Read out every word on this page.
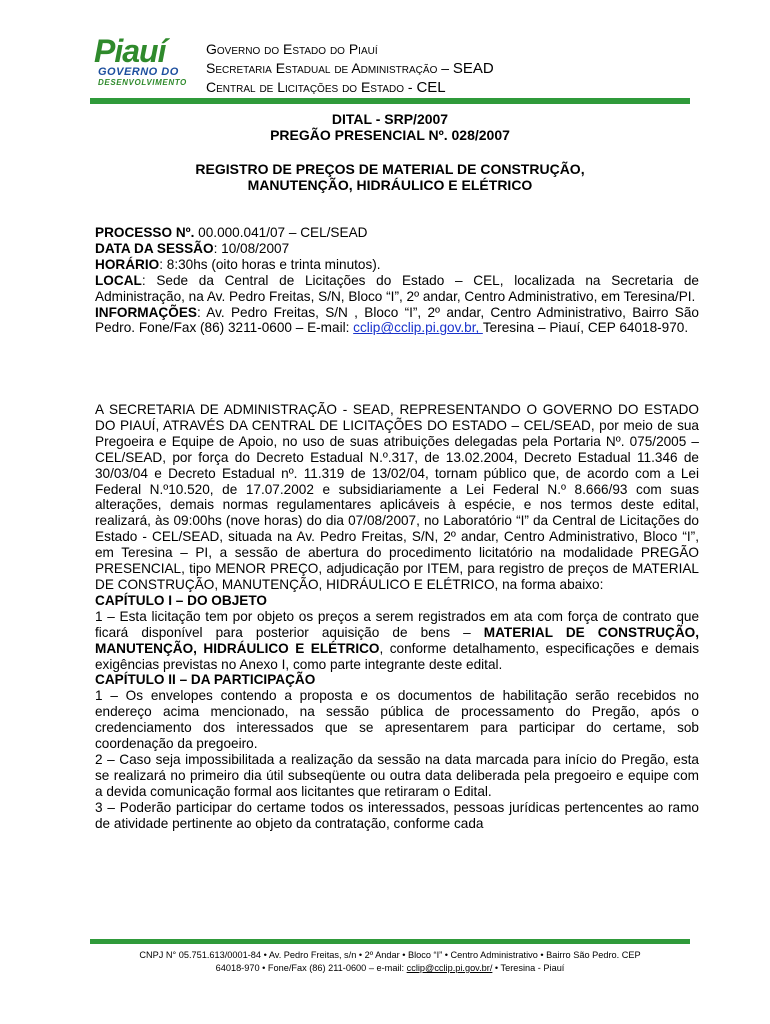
Piauí
GOVERNO DO
DESENVOLVIMENTO
Governo do Estado do Piauí
Secretaria Estadual de Administração – SEAD
Central de Licitações do Estado - CEL
DITAL - SRP/2007
PREGÃO PRESENCIAL Nº. 028/2007
REGISTRO DE PREÇOS DE MATERIAL DE CONSTRUÇÃO,
MANUTENÇÃO, HIDRÁULICO E ELÉTRICO

PROCESSO Nº. 00.000.041/07 – CEL/SEAD

DATA DA SESSÃO: 10/08/2007

HORÁRIO: 8:30hs (oito horas e trinta minutos).

LOCAL: Sede da Central de Licitações do Estado – CEL, localizada na Secretaria de Administração, na Av. Pedro Freitas, S/N, Bloco “I”, 2º andar, Centro Administrativo, em Teresina/PI.

INFORMAÇÕES: Av. Pedro Freitas, S/N , Bloco “I”, 2º andar, Centro Administrativo, Bairro São Pedro. Fone/Fax (86) 3211-0600 – E-mail: cclip@cclip.pi.gov.br, Teresina – Piauí, CEP 64018-970.

A SECRETARIA DE ADMINISTRAÇÃO - SEAD, REPRESENTANDO O GOVERNO DO ESTADO DO PIAUÍ, ATRAVÉS DA CENTRAL DE LICITAÇÕES DO ESTADO – CEL/SEAD, por meio de sua Pregoeira e Equipe de Apoio, no uso de suas atribuições delegadas pela Portaria Nº. 075/2005 – CEL/SEAD, por força do Decreto Estadual N.º.317, de 13.02.2004, Decreto Estadual 11.346 de 30/03/04 e Decreto Estadual nº. 11.319 de 13/02/04, tornam público que, de acordo com a Lei Federal N.º10.520, de 17.07.2002 e subsidiariamente a Lei Federal N.º 8.666/93 com suas alterações, demais normas regulamentares aplicáveis à espécie, e nos termos deste edital, realizará, às 09:00hs (nove horas) do dia 07/08/2007, no Laboratório “I” da Central de Licitações do Estado - CEL/SEAD, situada na Av. Pedro Freitas, S/N, 2º andar, Centro Administrativo, Bloco “I”, em Teresina – PI, a sessão de abertura do procedimento licitatório na modalidade PREGÃO PRESENCIAL, tipo MENOR PREÇO, adjudicação por ITEM, para registro de preços de MATERIAL DE CONSTRUÇÃO, MANUTENÇÃO, HIDRÁULICO E ELÉTRICO, na forma abaixo:

CAPÍTULO I – DO OBJETO

1 – Esta licitação tem por objeto os preços a serem registrados em ata com força de contrato que ficará disponível para posterior aquisição de bens – MATERIAL DE CONSTRUÇÃO, MANUTENÇÃO, HIDRÁULICO E ELÉTRICO, conforme detalhamento, especificações e demais exigências previstas no Anexo I, como parte integrante deste edital.

CAPÍTULO II – DA PARTICIPAÇÃO

1 – Os envelopes contendo a proposta e os documentos de habilitação serão recebidos no endereço acima mencionado, na sessão pública de processamento do Pregão, após o credenciamento dos interessados que se apresentarem para participar do certame, sob coordenação da pregoeiro.

2 – Caso seja impossibilitada a realização da sessão na data marcada para início do Pregão, esta se realizará no primeiro dia útil subseqüente ou outra data deliberada pela pregoeiro e equipe com a devida comunicação formal aos licitantes que retiraram o Edital.

3 – Poderão participar do certame todos os interessados, pessoas jurídicas pertencentes ao ramo de atividade pertinente ao objeto da contratação, conforme cada

CNPJ N° 05.751.613/0001-84 • Av. Pedro Freitas, s/n • 2º Andar • Bloco “I” • Centro Administrativo • Bairro São Pedro. CEP
64018-970 • Fone/Fax (86) 211-0600 – e-mail: cclip@cclip.pi.gov.br/ • Teresina - Piauí
